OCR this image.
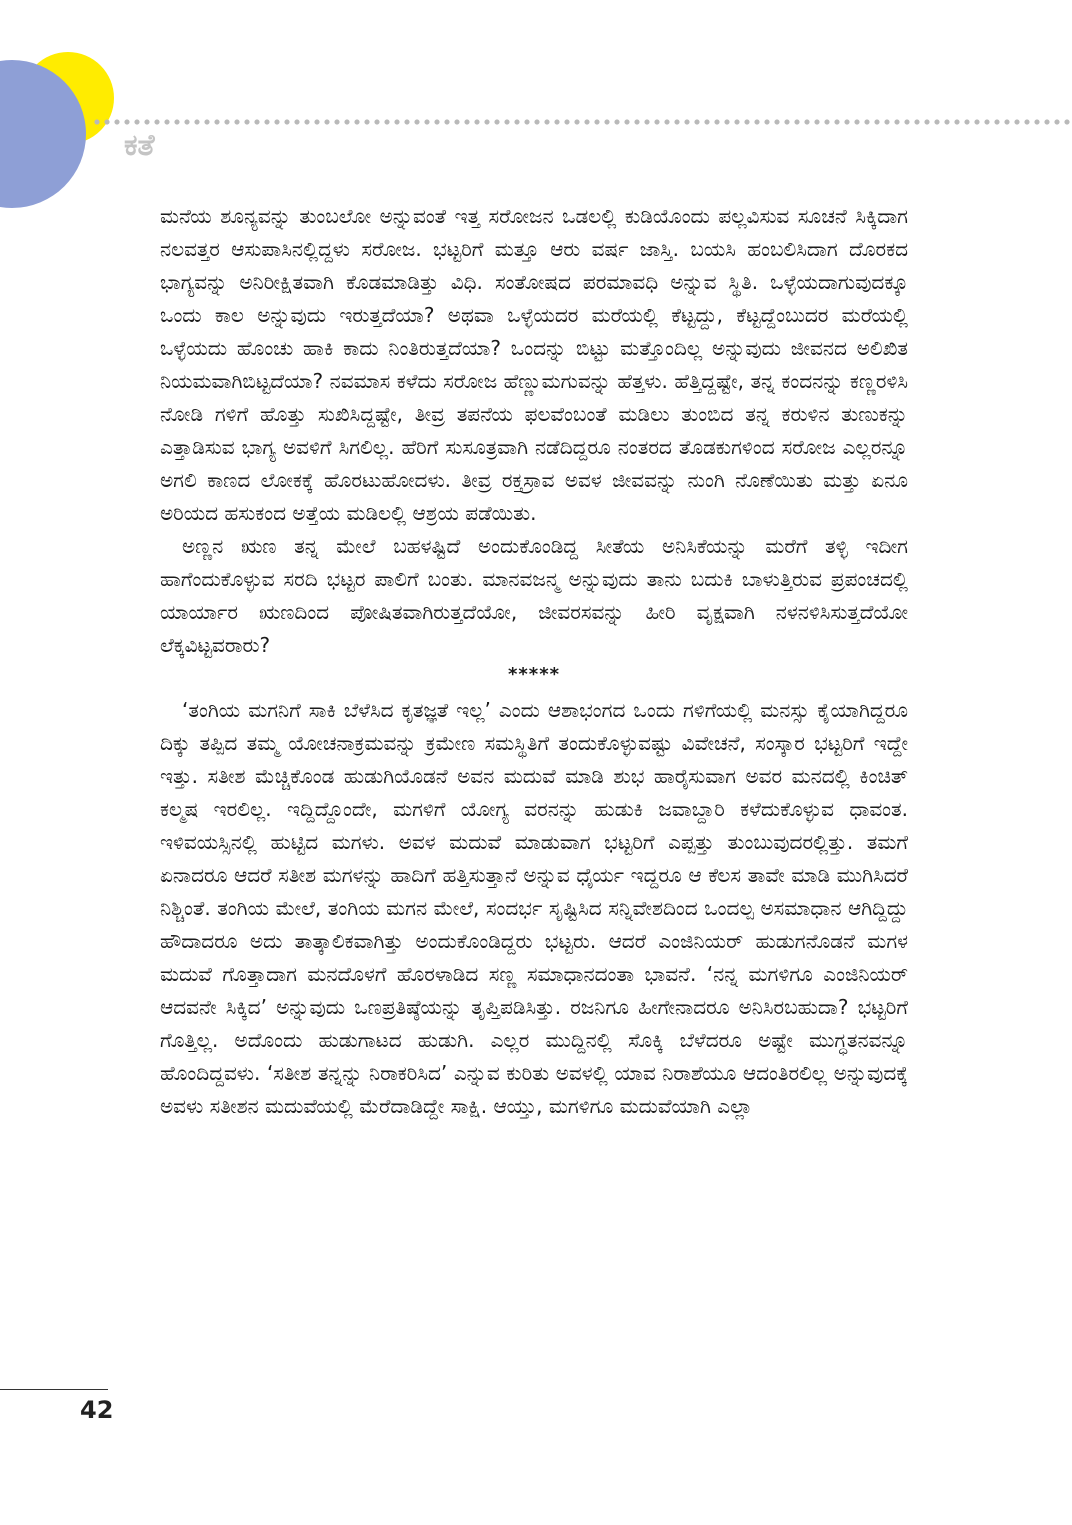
ಕತೆ

ಮನೆಯ ಶೂನ್ಯವನ್ನು ತುಂಬಲೋ ಅನ್ನುವಂತೆ ಇತ್ತ ಸರೋಜನ ಒಡಲಲ್ಲಿ ಕುಡಿಯೊಂದು ಪಲ್ಲವಿಸುವ ಸೂಚನೆ ಸಿಕ್ಕಿದಾಗ ನಲವತ್ತರ ಆಸುಪಾಸಿನಲ್ಲಿದ್ದಳು ಸರೋಜ. ಭಟ್ಟರಿಗೆ ಮತ್ತೂ ಆರು ವರ್ಷ ಜಾಸ್ತಿ. ಬಯಸಿ ಹಂಬಲಿಸಿದಾಗ ದೊರಕದ ಭಾಗ್ಯವನ್ನು ಅನಿರೀಕ್ಷಿತವಾಗಿ ಕೊಡಮಾಡಿತ್ತು ವಿಧಿ. ಸಂತೋಷದ ಪರಮಾವಧಿ ಅನ್ನುವ ಸ್ಥಿತಿ. ಒಳ್ಳೆಯದಾಗುವುದಕ್ಕೂ ಒಂದು ಕಾಲ ಅನ್ನುವುದು ಇರುತ್ತದೆಯಾ? ಅಥವಾ ಒಳ್ಳೆಯದರ ಮರೆಯಲ್ಲಿ ಕೆಟ್ಟದ್ದು, ಕೆಟ್ಟದ್ದೆಂಬುದರ ಮರೆಯಲ್ಲಿ ಒಳ್ಳೆಯದು ಹೊಂಚು ಹಾಕಿ ಕಾದು ನಿಂತಿರುತ್ತದೆಯಾ? ಒಂದನ್ನು ಬಿಟ್ಟು ಮತ್ತೊಂದಿಲ್ಲ ಅನ್ನುವುದು ಜೀವನದ ಅಲಿಖಿತ ನಿಯಮವಾಗಿಬಿಟ್ಟದೆಯಾ? ನವಮಾಸ ಕಳೆದು ಸರೋಜ ಹೆಣ್ಣುಮಗುವನ್ನು ಹೆತ್ತಳು. ಹೆತ್ತಿದ್ದಷ್ಟೇ, ತನ್ನ ಕಂದನನ್ನು ಕಣ್ಣರಳಿಸಿ ನೋಡಿ ಗಳಿಗೆ ಹೊತ್ತು ಸುಖಿಸಿದ್ದಷ್ಟೇ, ತೀವ್ರ ತಪನೆಯ ಫಲವೆಂಬಂತೆ ಮಡಿಲು ತುಂಬಿದ ತನ್ನ ಕರುಳಿನ ತುಣುಕನ್ನು ಎತ್ತಾಡಿಸುವ ಭಾಗ್ಯ ಅವಳಿಗೆ ಸಿಗಲಿಲ್ಲ. ಹೆರಿಗೆ ಸುಸೂತ್ರವಾಗಿ ನಡೆದಿದ್ದರೂ ನಂತರದ ತೊಡಕುಗಳಿಂದ ಸರೋಜ ಎಲ್ಲರನ್ನೂ ಅಗಲಿ ಕಾಣದ ಲೋಕಕ್ಕೆ ಹೊರಟುಹೋದಳು. ತೀವ್ರ ರಕ್ತಸ್ರಾವ ಅವಳ ಜೀವವನ್ನು ನುಂಗಿ ನೊಣೆಯಿತು ಮತ್ತು ಏನೂ ಅರಿಯದ ಹಸುಕಂದ ಅತ್ತೆಯ ಮಡಿಲಲ್ಲಿ ಆಶ್ರಯ ಪಡೆಯಿತು.

ಅಣ್ಣನ ಋಣ ತನ್ನ ಮೇಲೆ ಬಹಳಷ್ಟಿದೆ ಅಂದುಕೊಂಡಿದ್ದ ಸೀತೆಯ ಅನಿಸಿಕೆಯನ್ನು ಮರೆಗೆ ತಳ್ಳಿ ಇದೀಗ ಹಾಗೆಂದುಕೊಳ್ಳುವ ಸರದಿ ಭಟ್ಟರ ಪಾಲಿಗೆ ಬಂತು. ಮಾನವಜನ್ಮ ಅನ್ನುವುದು ತಾನು ಬದುಕಿ ಬಾಳುತ್ತಿರುವ ಪ್ರಪಂಚದಲ್ಲಿ ಯಾರ್ಯಾರ ಋಣದಿಂದ ಪೋಷಿತವಾಗಿರುತ್ತದೆಯೋ, ಜೀವರಸವನ್ನು ಹೀರಿ ವೃಕ್ಷವಾಗಿ ನಳನಳಿಸಿಸುತ್ತದೆಯೋ ಲೆಕ್ಕವಿಟ್ಟವರಾರು?

*****

‘ತಂಗಿಯ ಮಗನಿಗೆ ಸಾಕಿ ಬೆಳೆಸಿದ ಕೃತಜ್ಞತೆ ಇಲ್ಲ’ ಎಂದು ಆಶಾಭಂಗದ ಒಂದು ಗಳಿಗೆಯಲ್ಲಿ ಮನಸ್ಸು ಕೈಯಾಗಿದ್ದರೂ ದಿಕ್ಕು ತಪ್ಪಿದ ತಮ್ಮ ಯೋಚನಾಕ್ರಮವನ್ನು ಕ್ರಮೇಣ ಸಮಸ್ಥಿತಿಗೆ ತಂದುಕೊಳ್ಳುವಷ್ಟು ವಿವೇಚನೆ, ಸಂಸ್ಕಾರ ಭಟ್ಟರಿಗೆ ಇದ್ದೇ ಇತ್ತು. ಸತೀಶ ಮೆಚ್ಚಿಕೊಂಡ ಹುಡುಗಿಯೊಡನೆ ಅವನ ಮದುವೆ ಮಾಡಿ ಶುಭ ಹಾರೈಸುವಾಗ ಅವರ ಮನದಲ್ಲಿ ಕಿಂಚಿತ್ ಕಲ್ಮಷ ಇರಲಿಲ್ಲ. ಇದ್ದಿದ್ದೊಂದೇ, ಮಗಳಿಗೆ ಯೋಗ್ಯ ವರನನ್ನು ಹುಡುಕಿ ಜವಾಬ್ದಾರಿ ಕಳೆದುಕೊಳ್ಳುವ ಧಾವಂತ. ಇಳಿವಯಸ್ಸಿನಲ್ಲಿ ಹುಟ್ಟಿದ ಮಗಳು. ಅವಳ ಮದುವೆ ಮಾಡುವಾಗ ಭಟ್ಟರಿಗೆ ಎಪ್ಪತ್ತು ತುಂಬುವುದರಲ್ಲಿತ್ತು. ತಮಗೆ ಏನಾದರೂ ಆದರೆ ಸತೀಶ ಮಗಳನ್ನು ಹಾದಿಗೆ ಹತ್ತಿಸುತ್ತಾನೆ ಅನ್ನುವ ಧೈರ್ಯ ಇದ್ದರೂ ಆ ಕೆಲಸ ತಾವೇ ಮಾಡಿ ಮುಗಿಸಿದರೆ ನಿಶ್ಚಿಂತೆ. ತಂಗಿಯ ಮೇಲೆ, ತಂಗಿಯ ಮಗನ ಮೇಲೆ, ಸಂದರ್ಭ ಸೃಷ್ಟಿಸಿದ ಸನ್ನಿವೇಶದಿಂದ ಒಂದಲ್ಪ ಅಸಮಾಧಾನ ಆಗಿದ್ದಿದ್ದು ಹೌದಾದರೂ ಅದು ತಾತ್ಕಾಲಿಕವಾಗಿತ್ತು ಅಂದುಕೊಂಡಿದ್ದರು ಭಟ್ಟರು. ಆದರೆ ಎಂಜಿನಿಯರ್ ಹುಡುಗನೊಡನೆ ಮಗಳ ಮದುವೆ ಗೊತ್ತಾದಾಗ ಮನದೊಳಗೆ ಹೊರಳಾಡಿದ ಸಣ್ಣ ಸಮಾಧಾನದಂತಾ ಭಾವನೆ. ‘ನನ್ನ ಮಗಳಿಗೂ ಎಂಜಿನಿಯರ್ ಆದವನೇ ಸಿಕ್ಕಿದ’ ಅನ್ನುವುದು ಒಣಪ್ರತಿಷ್ಠೆಯನ್ನು ತೃಪ್ತಿಪಡಿಸಿತ್ತು. ರಜನಿಗೂ ಹೀಗೇನಾದರೂ ಅನಿಸಿರಬಹುದಾ? ಭಟ್ಟರಿಗೆ ಗೊತ್ತಿಲ್ಲ. ಅದೊಂದು ಹುಡುಗಾಟದ ಹುಡುಗಿ. ಎಲ್ಲರ ಮುದ್ದಿನಲ್ಲಿ ಸೊಕ್ಕಿ ಬೆಳೆದರೂ ಅಷ್ಟೇ ಮುಗ್ಧತನವನ್ನೂ ಹೊಂದಿದ್ದವಳು. ‘ಸತೀಶ ತನ್ನನ್ನು ನಿರಾಕರಿಸಿದ’ ಎನ್ನುವ ಕುರಿತು ಅವಳಲ್ಲಿ ಯಾವ ನಿರಾಶೆಯೂ ಆದಂತಿರಲಿಲ್ಲ ಅನ್ನುವುದಕ್ಕೆ ಅವಳು ಸತೀಶನ ಮದುವೆಯಲ್ಲಿ ಮೆರೆದಾಡಿದ್ದೇ ಸಾಕ್ಷಿ. ಆಯ್ತು, ಮಗಳಿಗೂ ಮದುವೆಯಾಗಿ ಎಲ್ಲಾ

42
